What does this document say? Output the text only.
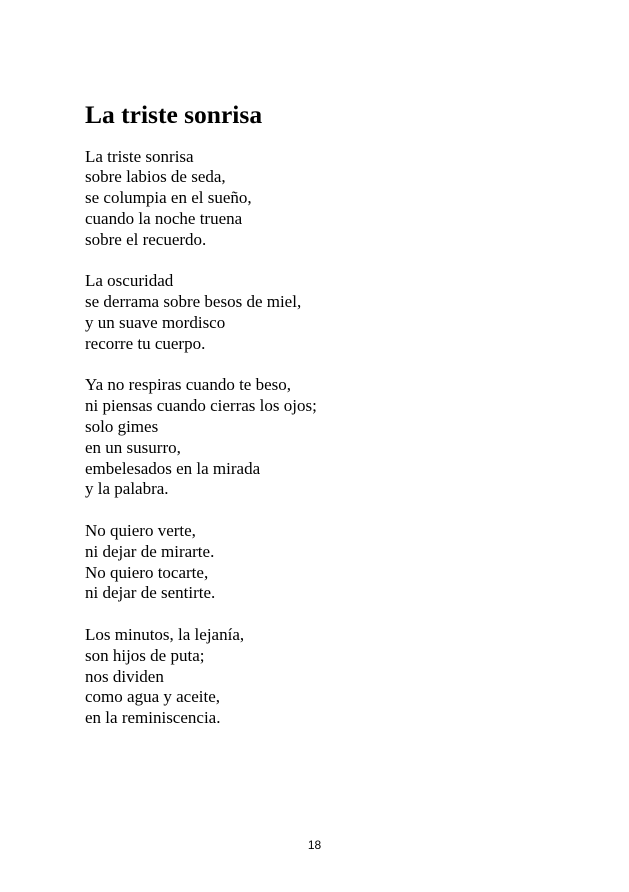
La triste sonrisa
La triste sonrisa
sobre labios de seda,
se columpia en el sueño,
cuando la noche truena
sobre el recuerdo.
La oscuridad
se derrama sobre besos de miel,
y un suave mordisco
recorre tu cuerpo.
Ya no respiras cuando te beso,
ni piensas cuando cierras los ojos;
solo gimes
en un susurro,
embelesados en la mirada
y la palabra.
No quiero verte,
ni dejar de mirarte.
No quiero tocarte,
ni dejar de sentirte.
Los minutos, la lejanía,
son hijos de puta;
nos dividen
como agua y aceite,
en la reminiscencia.
18
